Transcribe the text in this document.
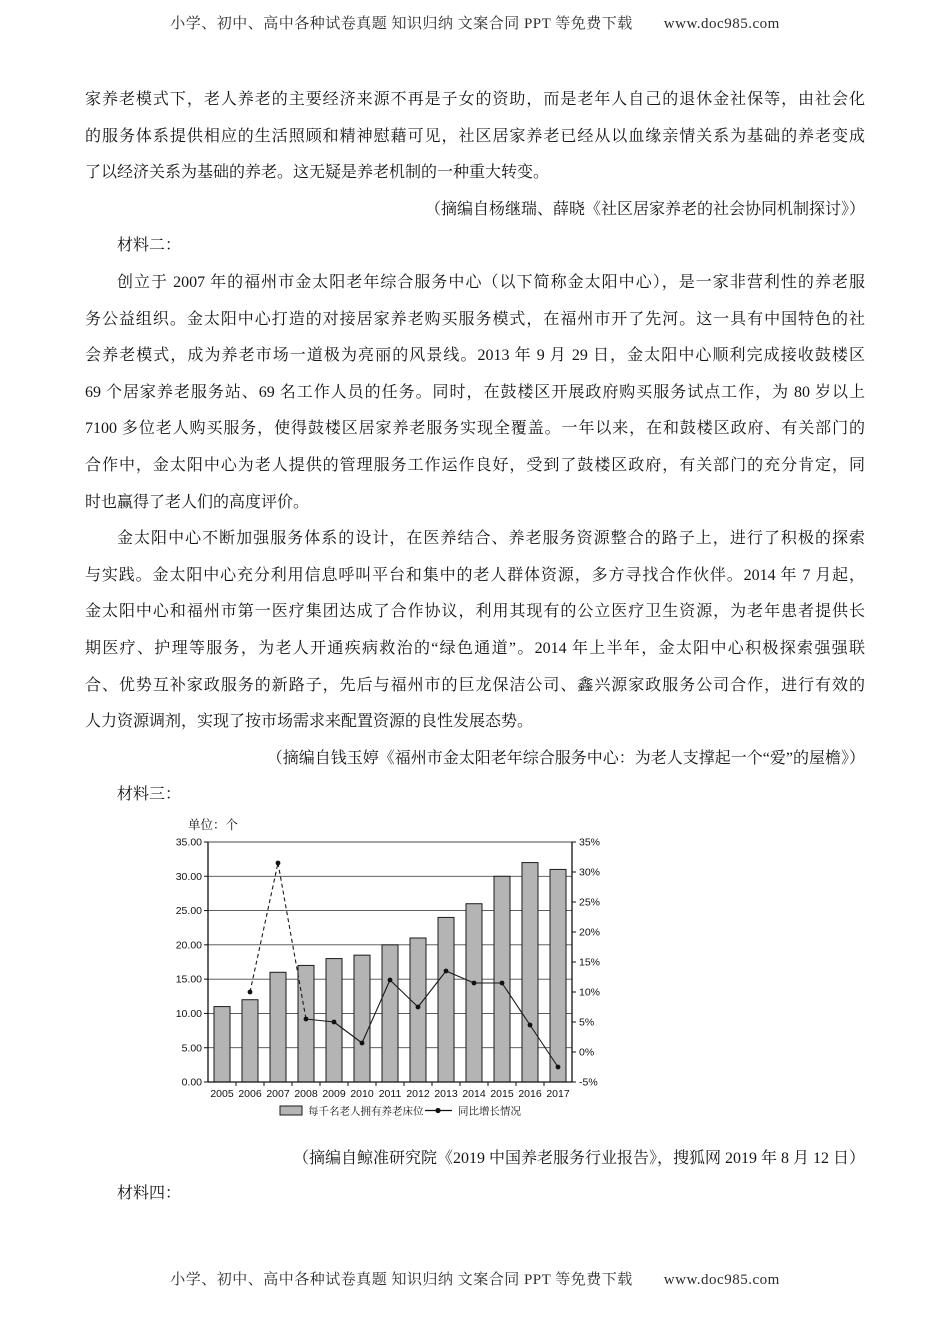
小学、初中、高中各种试卷真题 知识归纳 文案合同 PPT 等免费下载　　www.doc985.com
家养老模式下，老人养老的主要经济来源不再是子女的资助，而是老年人自己的退休金社保等，由社会化
的服务体系提供相应的生活照顾和精神慰藉可见，社区居家养老已经从以血缘亲情关系为基础的养老变成
了以经济关系为基础的养老。这无疑是养老机制的一种重大转变。
（摘编自杨继瑞、薛晓《社区居家养老的社会协同机制探讨》）
材料二：
创立于 2007 年的福州市金太阳老年综合服务中心（以下简称金太阳中心），是一家非营利性的养老服
务公益组织。金太阳中心打造的对接居家养老购买服务模式，在福州市开了先河。这一具有中国特色的社
会养老模式，成为养老市场一道极为亮丽的风景线。2013 年 9 月 29 日，金太阳中心顺利完成接收鼓楼区
69 个居家养老服务站、69 名工作人员的任务。同时，在鼓楼区开展政府购买服务试点工作，为 80 岁以上
7100 多位老人购买服务，使得鼓楼区居家养老服务实现全覆盖。一年以来，在和鼓楼区政府、有关部门的
合作中，金太阳中心为老人提供的管理服务工作运作良好，受到了鼓楼区政府，有关部门的充分肯定，同
时也赢得了老人们的高度评价。
金太阳中心不断加强服务体系的设计，在医养结合、养老服务资源整合的路子上，进行了积极的探索
与实践。金太阳中心充分利用信息呼叫平台和集中的老人群体资源，多方寻找合作伙伴。2014 年 7 月起，
金太阳中心和福州市第一医疗集团达成了合作协议，利用其现有的公立医疗卫生资源，为老年患者提供长
期医疗、护理等服务，为老人开通疾病救治的“绿色通道”。2014 年上半年，金太阳中心积极探索强强联
合、优势互补家政服务的新路子，先后与福州市的巨龙保洁公司、鑫兴源家政服务公司合作，进行有效的
人力资源调剂，实现了按市场需求来配置资源的良性发展态势。
（摘编自钱玉婷《福州市金太阳老年综合服务中心：为老人支撑起一个“爱”的屋檐》）
材料三：
单位：个
35.00
30.00
25.00
20.00
15.00
10.00
5.00
0.00
35%
30%
25%
20%
15%
10%
5%
0%
-5%
2005 2006 2007 2008 2009 2010 2011 2012 2013 2014 2015 2016 2017
每千名老人拥有养老床位	同比增长情况
（摘编自鲸准研究院《2019 中国养老服务行业报告》，搜狐网 2019 年 8 月 12 日）
材料四：
小学、初中、高中各种试卷真题 知识归纳 文案合同 PPT 等免费下载　　www.doc985.com
